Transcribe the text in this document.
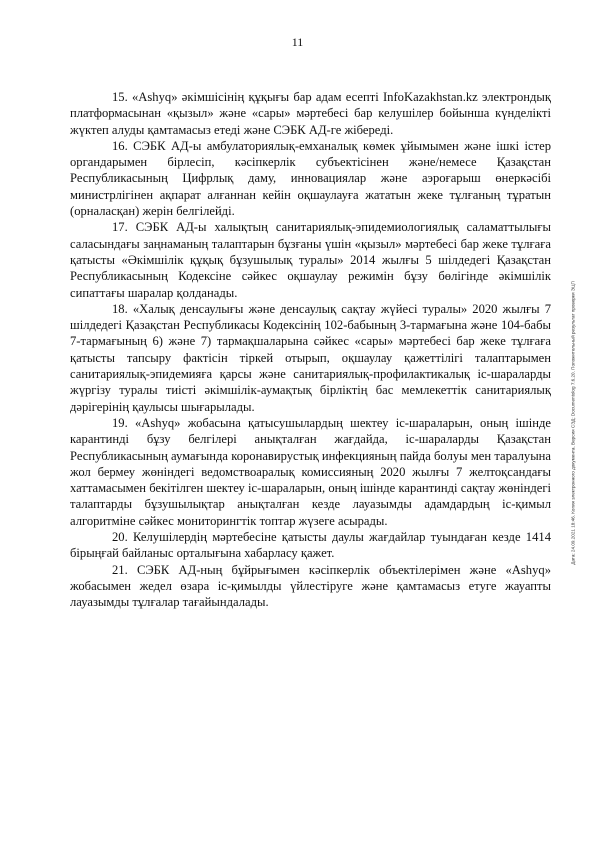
11

15. «Ashyq» әкімшісінің құқығы бар адам есепті InfoKazakhstan.kz электрондық платформасынан «қызыл» және «сары» мәртебесі бар келушілер бойынша күнделікті жүктеп алуды қамтамасыз етеді және СЭБК АД-ге жібереді.

16. СЭБК АД-ы амбулаториялық-емханалық көмек ұйымымен және ішкі істер органдарымен бірлесіп, кәсіпкерлік субъектісінен және/немесе Қазақстан Республикасының Цифрлық даму, инновациялар және аэроғарыш өнеркәсібі министрлігінен ақпарат алғаннан кейін оқшаулауға жататын жеке тұлғаның тұратын (орналасқан) жерін белгілейді.

17. СЭБК АД-ы халықтың санитариялық-эпидемиологиялық саламаттылығы саласындағы заңнаманың талаптарын бұзғаны үшін «қызыл» мәртебесі бар жеке тұлғаға қатысты «Әкімшілік құқық бұзушылық туралы» 2014 жылғы 5 шілдедегі Қазақстан Республикасының Кодексіне сәйкес оқшаулау режимін бұзу бөлігінде әкімшілік сипаттағы шаралар қолданады.

18. «Халық денсаулығы және денсаулық сақтау жүйесі туралы» 2020 жылғы 7 шілдедегі Қазақстан Республикасы Кодексінің 102-бабының 3-тармағына және 104-бабы 7-тармағының 6) және 7) тармақшаларына сәйкес «сары» мәртебесі бар жеке тұлғаға қатысты тапсыру фактісін тіркей отырып, оқшаулау қажеттілігі талаптарымен санитариялық-эпидемияға қарсы және санитариялық-профилактикалық іс-шараларды жүргізу туралы тиісті әкімшілік-аумақтық бірліктің бас мемлекеттік санитариялық дәрігерінің қаулысы шығарылады.

19. «Ashyq» жобасына қатысушылардың шектеу іс-шараларын, оның ішінде карантинді бұзу белгілері анықталған жағдайда, іс-шараларды Қазақстан Республикасының аумағында коронавирустық инфекцияның пайда болуы мен таралуына жол бермеу жөніндегі ведомствоаралық комиссияның 2020 жылғы 7 желтоқсандағы хаттамасымен бекітілген шектеу іс-шараларын, оның ішінде карантинді сақтау жөніндегі талаптарды бұзушылықтар анықталған кезде лауазымды адамдардың іс-қимыл алгоритміне сәйкес мониторингтік топтар жүзеге асырады.

20. Келушілердің мәртебесіне қатысты даулы жағдайлар туындаған кезде 1414 бірыңғай байланыс орталығына хабарласу қажет.

21. СЭБК АД-ның бұйрығымен кәсіпкерлік объектілерімен және «Ashyq» жобасымен жедел өзара іс-қимылды үйлестіруге және қамтамасыз етуге жауапты лауазымды тұлғалар тағайындалады.

Дата: 24.09.2021 18:46. Копия электронного документа. Версия СЭД: Documentolog 7.6.20. Положительный результат проверки ЭЦП
